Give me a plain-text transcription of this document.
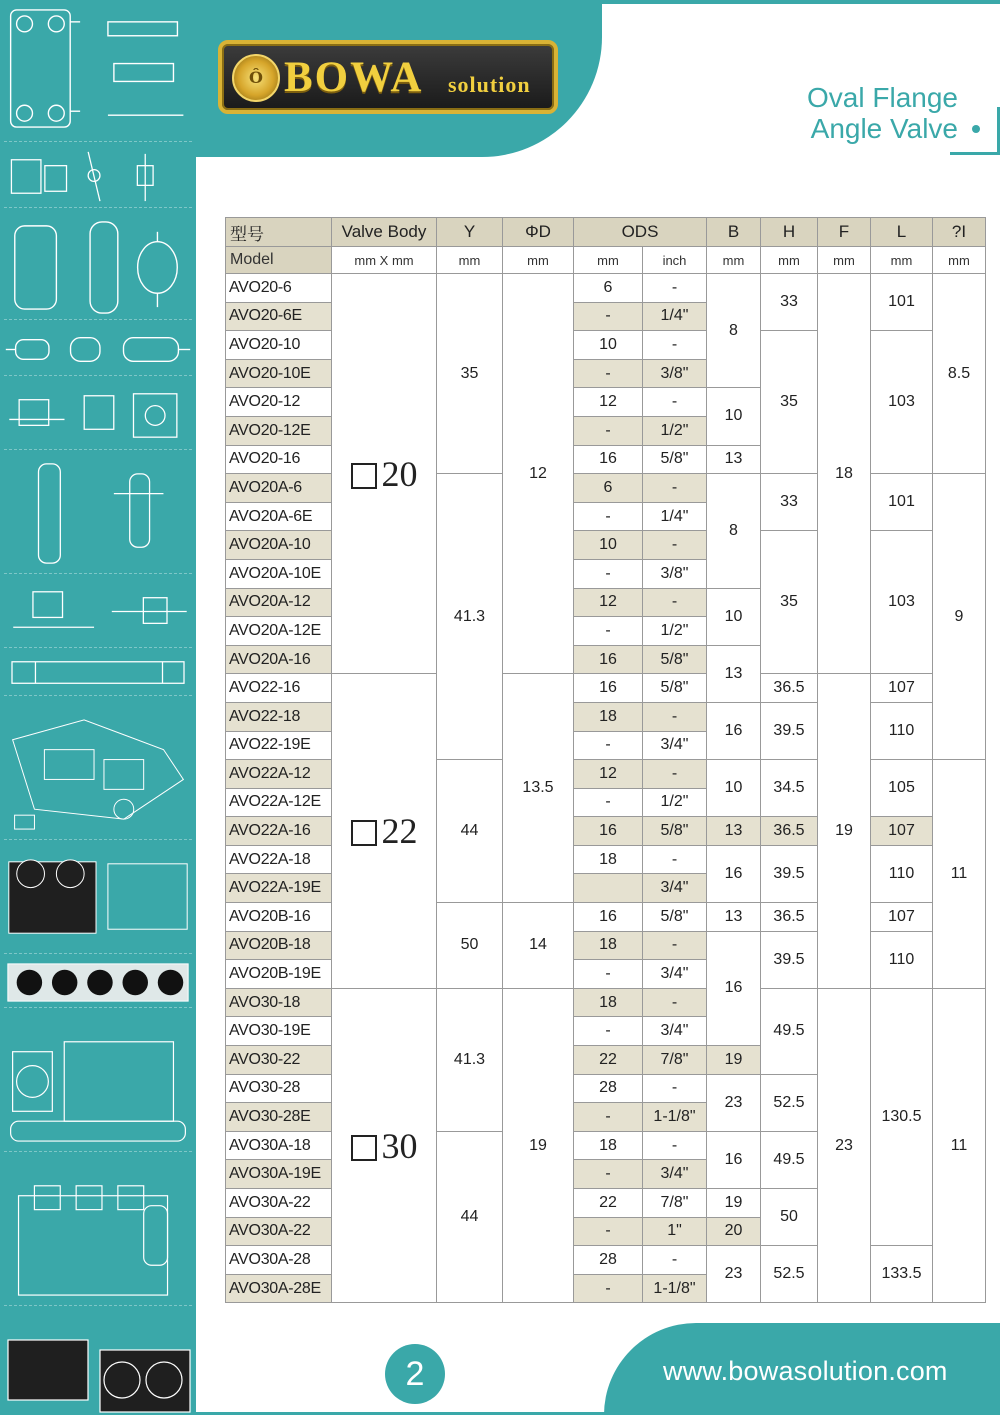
Ô BOWA solution	Oval Flange
Angle Valve
型号	Valve Body	Y	ΦD	ODS		B	H	F	L	?I
Model	mm X mm	mm	mm	mm	inch	mm	mm	mm	mm	mm
AVO20-6	20	35	12	6	-	8	33	18	101	8.5
AVO20-6E				-	1/4"					
AVO20-10				10	-		35		103	
AVO20-10E				-	3/8"					
AVO20-12				12	-	10				
AVO20-12E				-	1/2"					
AVO20-16				16	5/8"	13				
AVO20A-6		41.3		6	-	8	33		101	9
AVO20A-6E				-	1/4"					
AVO20A-10				10	-		35		103	
AVO20A-10E				-	3/8"					
AVO20A-12				12	-	10				
AVO20A-12E				-	1/2"					
AVO20A-16				16	5/8"	13				
AVO22-16	22		13.5	16	5/8"		36.5	19	107	
AVO22-18				18	-	16	39.5		110	
AVO22-19E				-	3/4"					
AVO22A-12		44		12	-	10	34.5		105	11
AVO22A-12E				-	1/2"					
AVO22A-16				16	5/8"	13	36.5		107	
AVO22A-18				18	-	16	39.5		110	
AVO22A-19E					3/4"					
AVO20B-16		50	14	16	5/8"	13	36.5		107	
AVO20B-18				18	-	16	39.5		110	
AVO20B-19E				-	3/4"					
AVO30-18	30	41.3	19	18	-		49.5	23	130.5	11
AVO30-19E				-	3/4"					
AVO30-22				22	7/8"	19				
AVO30-28				28	-	23	52.5			
AVO30-28E				-	1-1/8"					
AVO30A-18		44		18	-	16	49.5			
AVO30A-19E				-	3/4"					
AVO30A-22				22	7/8"	19	50			
AVO30A-22				-	1"	20				
AVO30A-28				28	-	23	52.5		133.5	
AVO30A-28E				-	1-1/8"					
2	www.bowasolution.com
